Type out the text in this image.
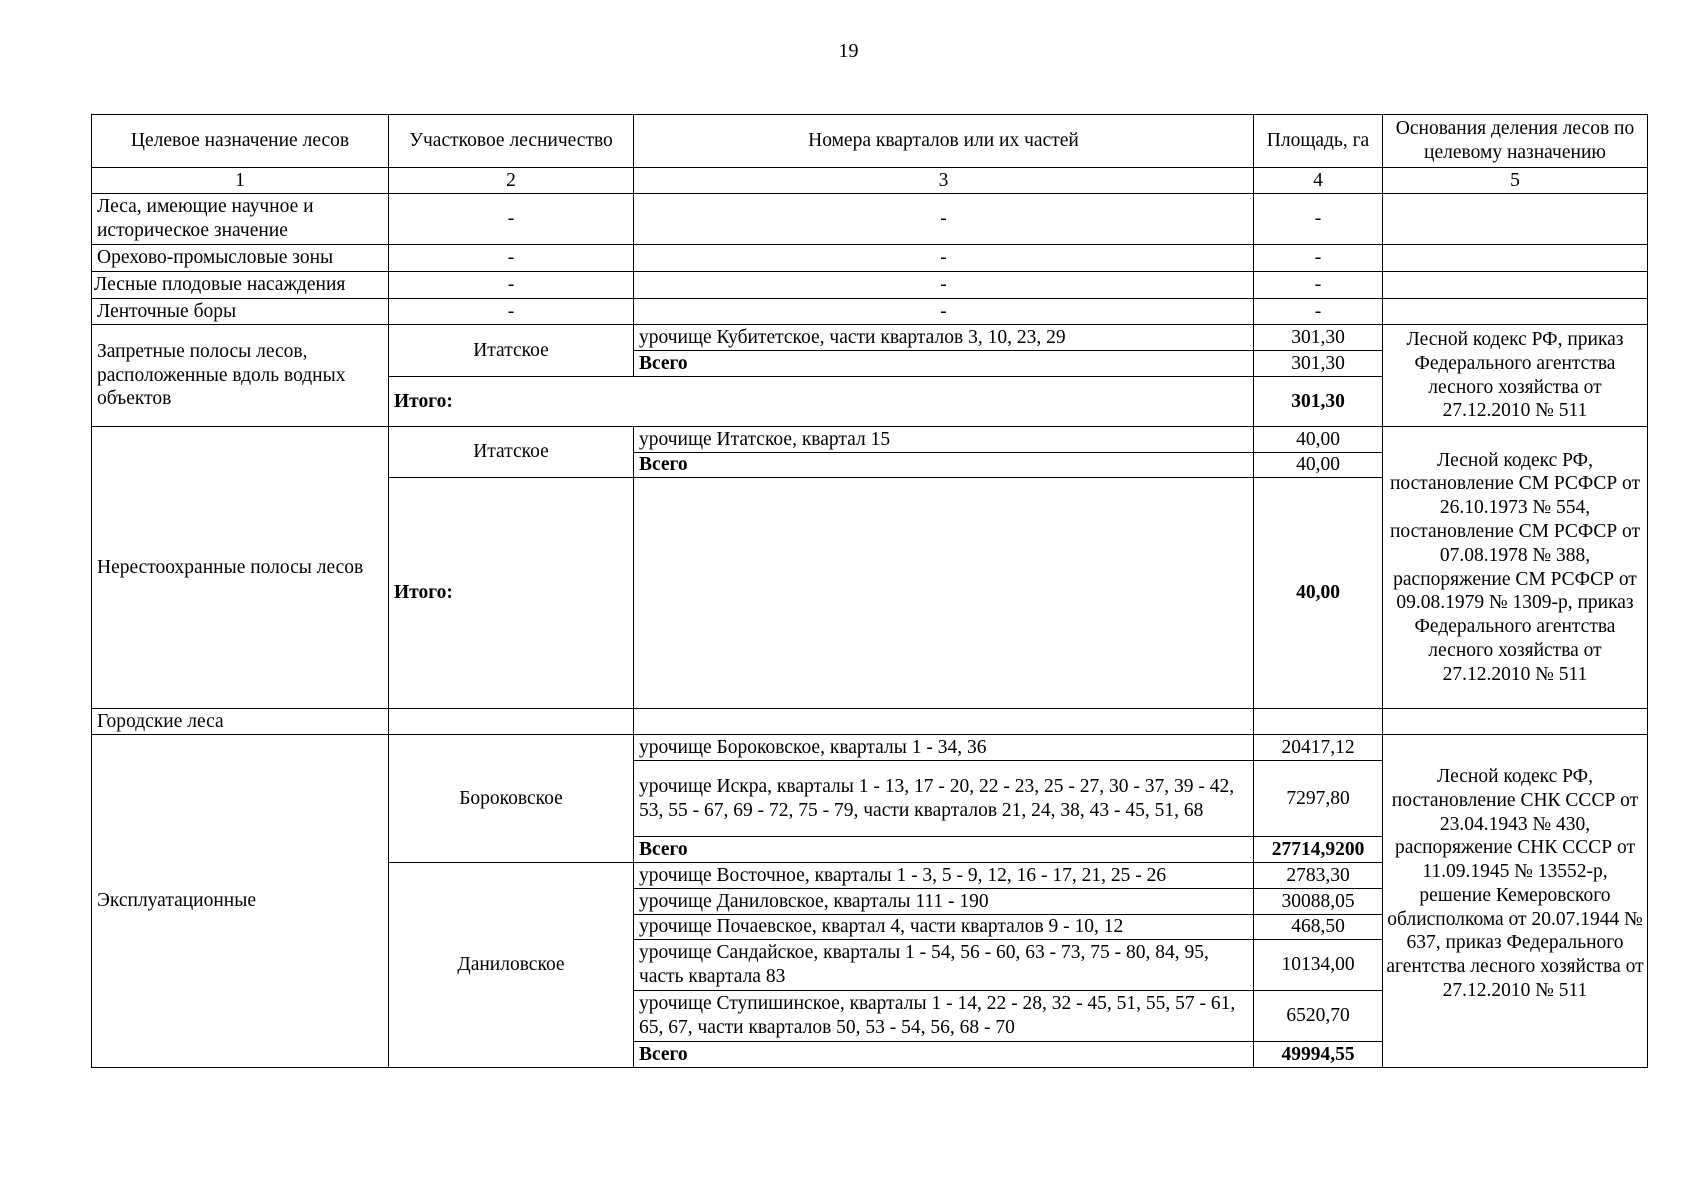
19
Целевое назначение лесов	Участковое лесничество	Номера кварталов или их частей	Площадь, га	Основания деления лесов по целевому назначению
1	2	3	4	5
Леса, имеющие научное и историческое значение	-	-	-	
Орехово-промысловые зоны	-	-	-	
Лесные плодовые насаждения	-	-	-	
Ленточные боры	-	-	-	
Запретные полосы лесов, расположенные вдоль водных объектов	Итатское	урочище Кубитетское, части кварталов 3, 10, 23, 29	301,30	Лесной кодекс РФ, приказ Федерального агентства лесного хозяйства от 27.12.2010 № 511
		Всего	301,30	
	Итого:		301,30	
Нерестоохранные полосы лесов	Итатское	урочище Итатское, квартал 15	40,00	Лесной кодекс РФ, постановление СМ РСФСР от 26.10.1973 № 554, постановление СМ РСФСР от 07.08.1978 № 388, распоряжение СМ РСФСР от 09.08.1979 № 1309-р, приказ Федерального агентства лесного хозяйства от 27.12.2010 № 511
		Всего	40,00	
	Итого:		40,00	
Городские леса				
Эксплуатационные	Бороковское	урочище Бороковское, кварталы 1 - 34, 36	20417,12	Лесной кодекс РФ, постановление СНК СССР от 23.04.1943 № 430, распоряжение СНК СССР от 11.09.1945 № 13552-р, решение Кемеровского облисполкома от 20.07.1944 № 637, приказ Федерального агентства лесного хозяйства от 27.12.2010 № 511
		урочище Искра, кварталы 1 - 13, 17 - 20, 22 - 23, 25 - 27, 30 - 37, 39 - 42, 53, 55 - 67, 69 - 72, 75 - 79, части кварталов 21, 24, 38, 43 - 45, 51, 68	7297,80	
		Всего	27714,9200	
	Даниловское	урочище Восточное, кварталы 1 - 3, 5 - 9, 12, 16 - 17, 21, 25 - 26	2783,30	
		урочище Даниловское, кварталы 111 - 190	30088,05	
		урочище Почаевское, квартал 4, части кварталов 9 - 10, 12	468,50	
		урочище Сандайское, кварталы 1 - 54, 56 - 60, 63 - 73, 75 - 80, 84, 95, часть квартала 83	10134,00	
		урочище Ступишинское, кварталы 1 - 14, 22 - 28, 32 - 45, 51, 55, 57 - 61, 65, 67, части кварталов 50, 53 - 54, 56, 68 - 70	6520,70	
		Всего	49994,55	
